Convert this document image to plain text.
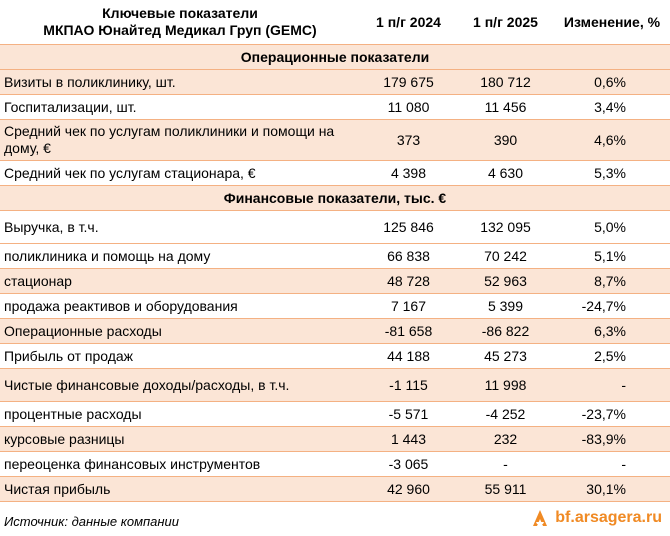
Ключевые показатели
МКПАО Юнайтед Медикал Груп (GEMC)	1 п/г 2024	1 п/г 2025	Изменение, %
Операционные показатели			
Визиты в поликлинику, шт.	179 675	180 712	0,6%
Госпитализации, шт.	11 080	11 456	3,4%
Средний чек по услугам поликлиники и помощи на дому, €	373	390	4,6%
Средний чек по услугам стационара, €	4 398	4 630	5,3%
Финансовые показатели, тыс. €			
Выручка, в т.ч.	125 846	132 095	5,0%
поликлиника и помощь на дому	66 838	70 242	5,1%
стационар	48 728	52 963	8,7%
продажа реактивов и оборудования	7 167	5 399	-24,7%
Операционные расходы	-81 658	-86 822	6,3%
Прибыль от продаж	44 188	45 273	2,5%
Чистые финансовые доходы/расходы, в т.ч.	-1 115	11 998	-
процентные расходы	-5 571	-4 252	-23,7%
курсовые разницы	1 443	232	-83,9%
переоценка финансовых инструментов	-3 065	-	-
Чистая прибыль	42 960	55 911	30,1%
Источник: данные компании	bf.arsagera.ru
